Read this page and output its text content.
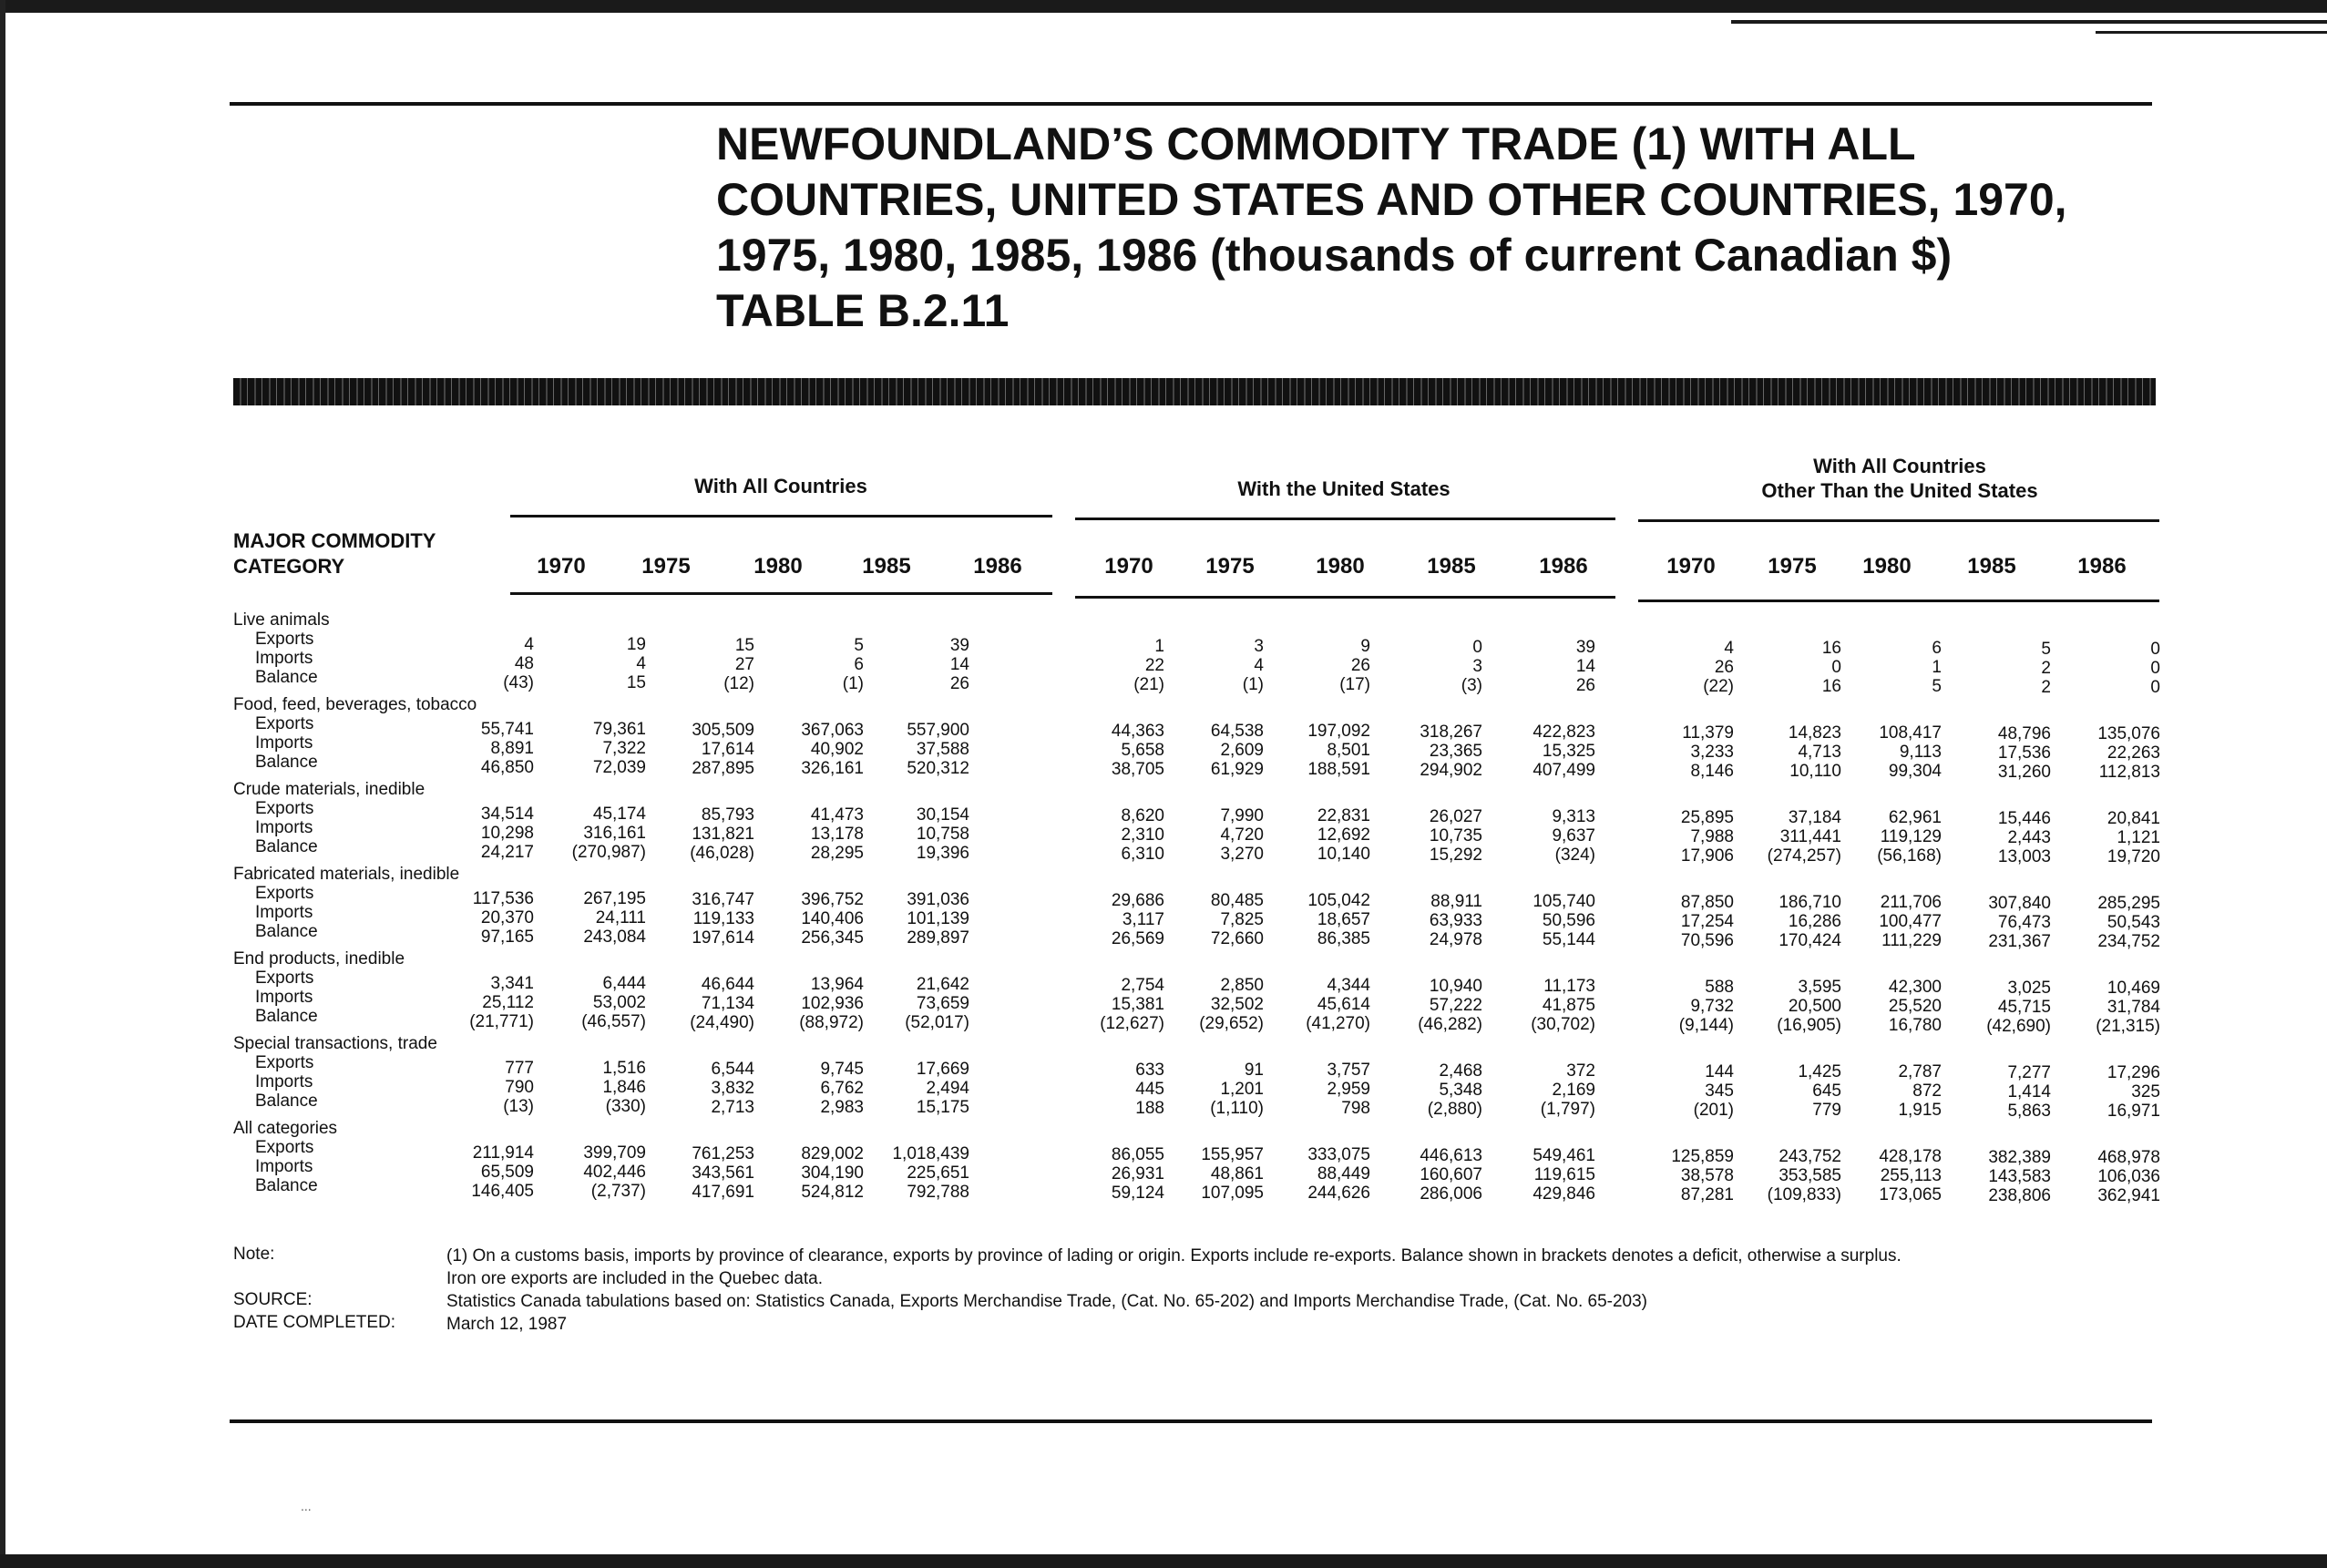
NEWFOUNDLAND’S COMMODITY TRADE (1) WITH ALL
COUNTRIES, UNITED STATES AND OTHER COUNTRIES, 1970,
1975, 1980, 1985, 1986 (thousands of current Canadian $)
TABLE B.2.11
With All Countries	With the United States
With All Countries
Other Than the United States
MAJOR COMMODITY
CATEGORY	1970	1975	1980	1985	1986	1970	1975	1980	1985	1986	1970	1975	1980	1985	1986
Live animals
Exports	4	19	15	5	39	1	3	9	0	39	4	16	6	5	0
Imports	48	4	27	6	14	22	4	26	3	14	26	0	1	2	0
Balance	(43)	15	(12)	(1)	26	(21)	(1)	(17)	(3)	26	(22)	16	5	2	0
Food, feed, beverages, tobacco
Exports	55,741	79,361	305,509	367,063	557,900	44,363	64,538	197,092	318,267	422,823	11,379	14,823	108,417	48,796	135,076
Imports	8,891	7,322	17,614	40,902	37,588	5,658	2,609	8,501	23,365	15,325	3,233	4,713	9,113	17,536	22,263
Balance	46,850	72,039	287,895	326,161	520,312	38,705	61,929	188,591	294,902	407,499	8,146	10,110	99,304	31,260	112,813
Crude materials, inedible
Exports	34,514	45,174	85,793	41,473	30,154	8,620	7,990	22,831	26,027	9,313	25,895	37,184	62,961	15,446	20,841
Imports	10,298	316,161	131,821	13,178	10,758	2,310	4,720	12,692	10,735	9,637	7,988	311,441	119,129	2,443	1,121
Balance	24,217	(270,987)	(46,028)	28,295	19,396	6,310	3,270	10,140	15,292	(324)	17,906	(274,257)	(56,168)	13,003	19,720
Fabricated materials, inedible
Exports	117,536	267,195	316,747	396,752	391,036	29,686	80,485	105,042	88,911	105,740	87,850	186,710	211,706	307,840	285,295
Imports	20,370	24,111	119,133	140,406	101,139	3,117	7,825	18,657	63,933	50,596	17,254	16,286	100,477	76,473	50,543
Balance	97,165	243,084	197,614	256,345	289,897	26,569	72,660	86,385	24,978	55,144	70,596	170,424	111,229	231,367	234,752
End products, inedible
Exports	3,341	6,444	46,644	13,964	21,642	2,754	2,850	4,344	10,940	11,173	588	3,595	42,300	3,025	10,469
Imports	25,112	53,002	71,134	102,936	73,659	15,381	32,502	45,614	57,222	41,875	9,732	20,500	25,520	45,715	31,784
Balance	(21,771)	(46,557)	(24,490)	(88,972)	(52,017)	(12,627)	(29,652)	(41,270)	(46,282)	(30,702)	(9,144)	(16,905)	16,780	(42,690)	(21,315)
Special transactions, trade
Exports	777	1,516	6,544	9,745	17,669	633	91	3,757	2,468	372	144	1,425	2,787	7,277	17,296
Imports	790	1,846	3,832	6,762	2,494	445	1,201	2,959	5,348	2,169	345	645	872	1,414	325
Balance	(13)	(330)	2,713	2,983	15,175	188	(1,110)	798	(2,880)	(1,797)	(201)	779	1,915	5,863	16,971
All categories
Exports	211,914	399,709	761,253	829,002	1,018,439	86,055	155,957	333,075	446,613	549,461	125,859	243,752	428,178	382,389	468,978
Imports	65,509	402,446	343,561	304,190	225,651	26,931	48,861	88,449	160,607	119,615	38,578	353,585	255,113	143,583	106,036
Balance	146,405	(2,737)	417,691	524,812	792,788	59,124	107,095	244,626	286,006	429,846	87,281	(109,833)	173,065	238,806	362,941
Note:	(1) On a customs basis, imports by province of clearance, exports by province of lading or origin. Exports include re-exports. Balance shown in brackets denotes a deficit, otherwise a surplus.
Iron ore exports are included in the Quebec data.
SOURCE:	Statistics Canada tabulations based on: Statistics Canada, Exports Merchandise Trade, (Cat. No. 65-202) and Imports Merchandise Trade, (Cat. No. 65-203)
DATE COMPLETED:	March 12, 1987
...
